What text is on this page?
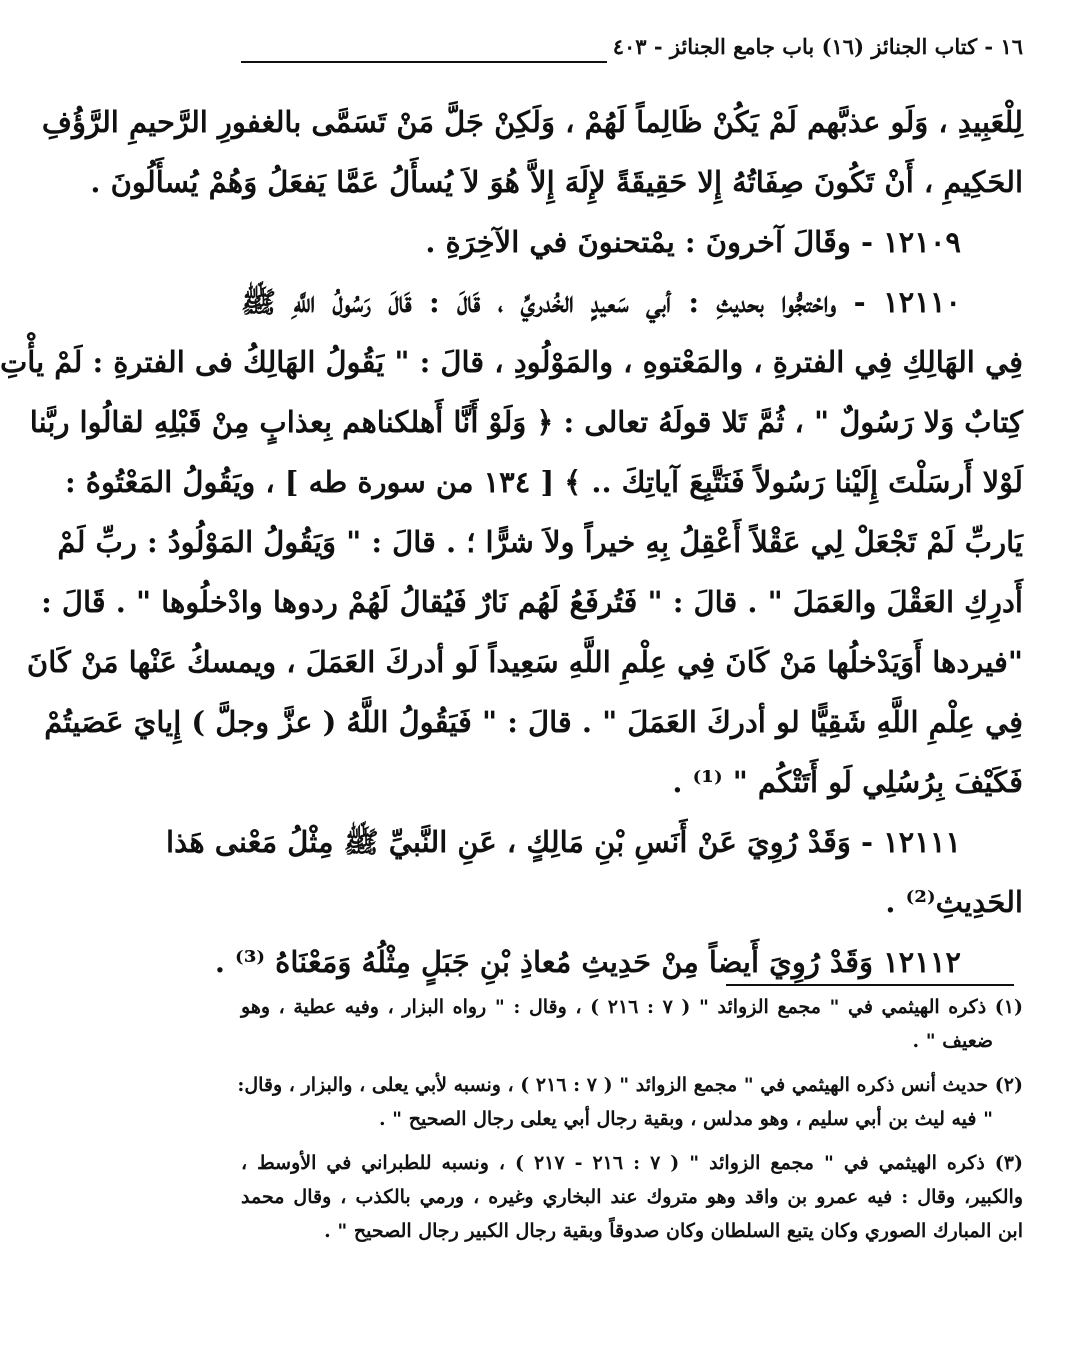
١٦ - كتاب الجنائز (١٦) باب جامع الجنائز - ٤٠٣
لِلْعَبِيدِ ، وَلَو عذبَّهم لَمْ يَكُنْ ظَالِماً لَهُمْ ، وَلَكِنْ جَلَّ مَنْ تَسَمَّى بالغفورِ الرَّحيمِ الرَّؤُفِ
الحَكِيمِ ، أَنْ تَكُونَ صِفَاتُهُ إِلا حَقِيقَةً لإِلَهَ إِلاَّ هُوَ لاَ يُسأَلُ عَمَّا يَفعَلُ وَهُمْ يُسأَلُونَ .
١٢١٠٩ - وقَالَ آخرونَ : يمْتحنونَ في الآخِرَةِ .
١٢١١٠ - واحْتجُّوا بحديثِ : أبي سَعيدٍ الخُدريِّ ، قَالَ : قَالَ رَسُولُ اللَّهِ ﷺ
فِي الهَالِكِ فِي الفترةِ ، والمَعْتوهِ ، والمَوْلُودِ ، قالَ : " يَقُولُ الهَالِكُ فى الفترةِ : لَمْ يأْتِ
كِتابٌ وَلا رَسُولٌ " ، ثُمَّ تَلا قولَهُ تعالى : ﴿ وَلَوْ أَنَّا أَهلكناهم بِعذابٍ مِنْ قَبْلِهِ لقالُوا ربَّنا
لَوْلا أَرسَلْتَ إِلَيْنا رَسُولاً فَنَتَّبِعَ آياتِكَ .. ﴾ [ ١٣٤ من سورة طه ] ، ويَقُولُ المَعْتُوهُ :
يَاربِّ لَمْ تَجْعَلْ لِي عَقْلاً أَعْقِلُ بِهِ خيراً ولاَ شرًّا ؛ . قالَ : " وَيَقُولُ المَوْلُودُ : ربِّ لَمْ
أَدرِكِ العَقْلَ والعَمَلَ " . قالَ : " فَتُرفَعُ لَهُم نَارٌ فَيُقالُ لَهُمْ ردوها وادْخلُوها " . قَالَ :
"فيردها أَوَيَدْخلُها مَنْ كَانَ فِي عِلْمِ اللَّهِ سَعِيداً لَو أدركَ العَمَلَ ، ويمسكُ عَنْها مَنْ كَانَ
فِي عِلْمِ اللَّهِ شَقِيًّا لو أدركَ العَمَلَ " . قالَ : " فَيَقُولُ اللَّهُ ( عزَّ وجلَّ ) إِيايَ عَصَيتُمْ
فَكَيْفَ بِرُسُلِي لَو أَتَتْكُم " ⁽¹⁾ .
١٢١١١ - وَقَدْ رُوِيَ عَنْ أَنَسِ بْنِ مَالِكٍ ، عَنِ النَّبيِّ ﷺ مِثْلُ مَعْنى هَذا
الحَدِيثِ⁽²⁾ .
١٢١١٢ وَقَدْ رُوِيَ أَيضاً مِنْ حَدِيثِ مُعاذِ بْنِ جَبَلٍ مِثْلُهُ وَمَعْنَاهُ ⁽³⁾ .
(١) ذكره الهيثمي في " مجمع الزوائد " ( ٧ : ٢١٦ ) ، وقال : " رواه البزار ، وفيه عطية ، وهو
ضعيف " .
(٢) حديث أنس ذكره الهيثمي في " مجمع الزوائد " ( ٧ : ٢١٦ ) ، ونسبه لأبي يعلى ، والبزار ، وقال:
" فيه ليث بن أبي سليم ، وهو مدلس ، وبقية رجال أبي يعلى رجال الصحيح " .
(٣) ذكره الهيثمي في " مجمع الزوائد " ( ٧ : ٢١٦ - ٢١٧ ) ، ونسبه للطبراني في الأوسط ،
والكبير، وقال : فيه عمرو بن واقد وهو متروك عند البخاري وغيره ، ورمي بالكذب ، وقال محمد
ابن المبارك الصوري وكان يتبع السلطان وكان صدوقاً وبقية رجال الكبير رجال الصحيح " .
